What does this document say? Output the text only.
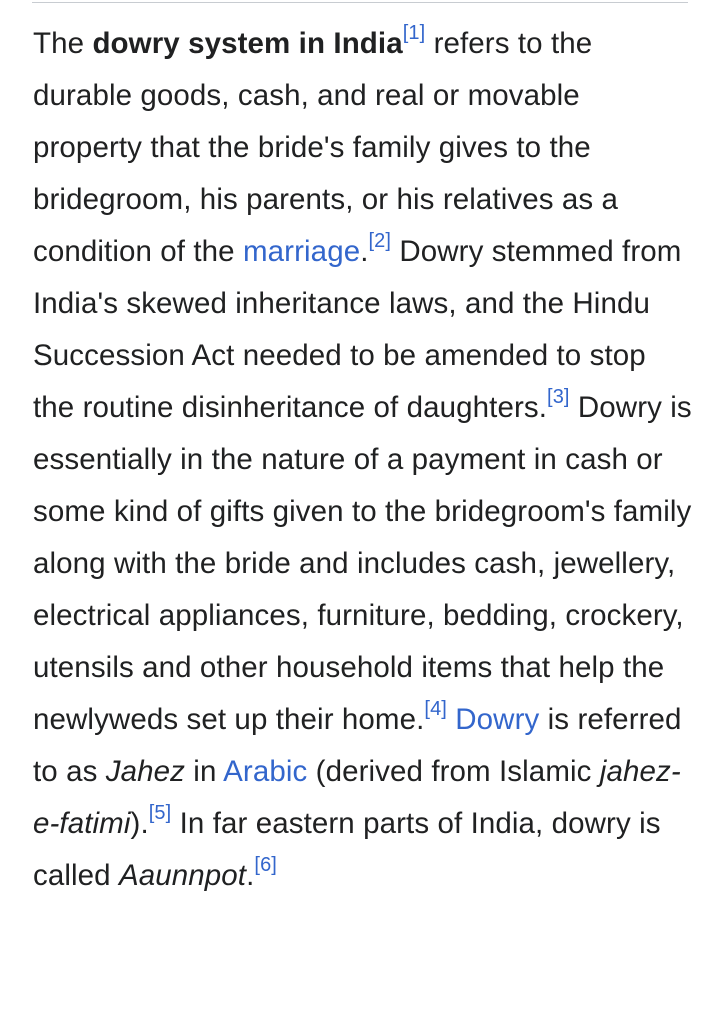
The dowry system in India[1] refers to the durable goods, cash, and real or movable property that the bride's family gives to the bridegroom, his parents, or his relatives as a condition of the marriage.[2] Dowry stemmed from India's skewed inheritance laws, and the Hindu Succession Act needed to be amended to stop the routine disinheritance of daughters.[3] Dowry is essentially in the nature of a payment in cash or some kind of gifts given to the bridegroom's family along with the bride and includes cash, jewellery, electrical appliances, furniture, bedding, crockery, utensils and other household items that help the newlyweds set up their home.[4] Dowry is referred to as Jahez in Arabic (derived from Islamic jahez-e-fatimi).[5] In far eastern parts of India, dowry is called Aaunnpot.[6]
